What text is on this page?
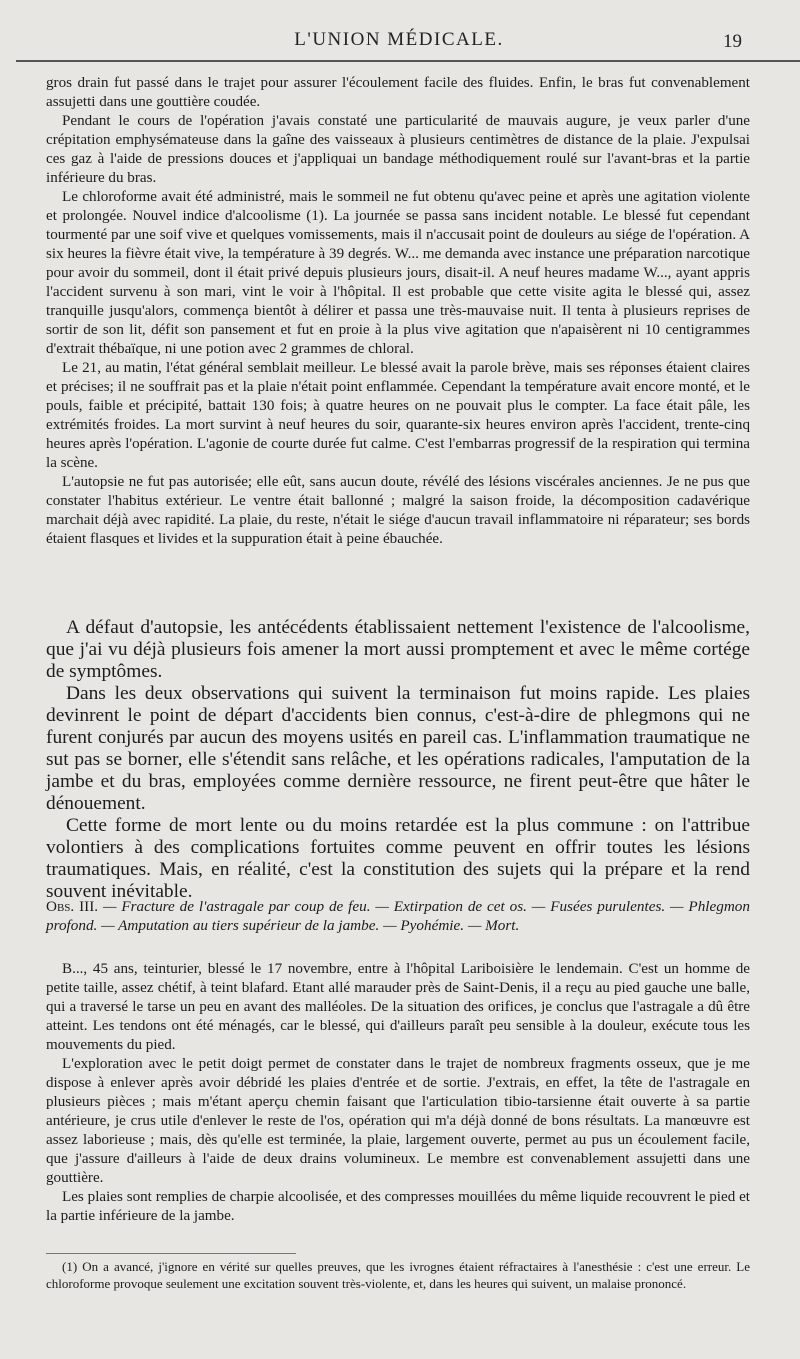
L'UNION MÉDICALE.	19

gros drain fut passé dans le trajet pour assurer l'écoulement facile des fluides. Enfin, le bras fut convenablement assujetti dans une gouttière coudée.

Pendant le cours de l'opération j'avais constaté une particularité de mauvais augure, je veux parler d'une crépitation emphysémateuse dans la gaîne des vaisseaux à plusieurs centimètres de distance de la plaie. J'expulsai ces gaz à l'aide de pressions douces et j'appliquai un bandage méthodiquement roulé sur l'avant-bras et la partie inférieure du bras.

Le chloroforme avait été administré, mais le sommeil ne fut obtenu qu'avec peine et après une agitation violente et prolongée. Nouvel indice d'alcoolisme (1). La journée se passa sans incident notable. Le blessé fut cependant tourmenté par une soif vive et quelques vomissements, mais il n'accusait point de douleurs au siége de l'opération. A six heures la fièvre était vive, la température à 39 degrés. W... me demanda avec instance une préparation narcotique pour avoir du sommeil, dont il était privé depuis plusieurs jours, disait-il. A neuf heures madame W..., ayant appris l'accident survenu à son mari, vint le voir à l'hôpital. Il est probable que cette visite agita le blessé qui, assez tranquille jusqu'alors, commença bientôt à délirer et passa une très-mauvaise nuit. Il tenta à plusieurs reprises de sortir de son lit, défit son pansement et fut en proie à la plus vive agitation que n'apaisèrent ni 10 centigrammes d'extrait thébaïque, ni une potion avec 2 grammes de chloral.

Le 21, au matin, l'état général semblait meilleur. Le blessé avait la parole brève, mais ses réponses étaient claires et précises; il ne souffrait pas et la plaie n'était point enflammée. Cependant la température avait encore monté, et le pouls, faible et précipité, battait 130 fois; à quatre heures on ne pouvait plus le compter. La face était pâle, les extrémités froides. La mort survint à neuf heures du soir, quarante-six heures environ après l'accident, trente-cinq heures après l'opération. L'agonie de courte durée fut calme. C'est l'embarras progressif de la respiration qui termina la scène.

L'autopsie ne fut pas autorisée; elle eût, sans aucun doute, révélé des lésions viscérales anciennes. Je ne pus que constater l'habitus extérieur. Le ventre était ballonné ; malgré la saison froide, la décomposition cadavérique marchait déjà avec rapidité. La plaie, du reste, n'était le siége d'aucun travail inflammatoire ni réparateur; ses bords étaient flasques et livides et la suppuration était à peine ébauchée.

A défaut d'autopsie, les antécédents établissaient nettement l'existence de l'alcoolisme, que j'ai vu déjà plusieurs fois amener la mort aussi promptement et avec le même cortége de symptômes.

Dans les deux observations qui suivent la terminaison fut moins rapide. Les plaies devinrent le point de départ d'accidents bien connus, c'est-à-dire de phlegmons qui ne furent conjurés par aucun des moyens usités en pareil cas. L'inflammation traumatique ne sut pas se borner, elle s'étendit sans relâche, et les opérations radicales, l'amputation de la jambe et du bras, employées comme dernière ressource, ne firent peut-être que hâter le dénouement.

Cette forme de mort lente ou du moins retardée est la plus commune : on l'attribue volontiers à des complications fortuites comme peuvent en offrir toutes les lésions traumatiques. Mais, en réalité, c'est la constitution des sujets qui la prépare et la rend souvent inévitable.

Obs. III. — Fracture de l'astragale par coup de feu. — Extirpation de cet os. — Fusées purulentes. — Phlegmon profond. — Amputation au tiers supérieur de la jambe. — Pyohémie. — Mort.

B..., 45 ans, teinturier, blessé le 17 novembre, entre à l'hôpital Lariboisière le lendemain. C'est un homme de petite taille, assez chétif, à teint blafard. Etant allé marauder près de Saint-Denis, il a reçu au pied gauche une balle, qui a traversé le tarse un peu en avant des malléoles. De la situation des orifices, je conclus que l'astragale a dû être atteint. Les tendons ont été ménagés, car le blessé, qui d'ailleurs paraît peu sensible à la douleur, exécute tous les mouvements du pied.

L'exploration avec le petit doigt permet de constater dans le trajet de nombreux fragments osseux, que je me dispose à enlever après avoir débridé les plaies d'entrée et de sortie. J'extrais, en effet, la tête de l'astragale en plusieurs pièces ; mais m'étant aperçu chemin faisant que l'articulation tibio-tarsienne était ouverte à sa partie antérieure, je crus utile d'enlever le reste de l'os, opération qui m'a déjà donné de bons résultats. La manœuvre est assez laborieuse ; mais, dès qu'elle est terminée, la plaie, largement ouverte, permet au pus un écoulement facile, que j'assure d'ailleurs à l'aide de deux drains volumineux. Le membre est convenablement assujetti dans une gouttière.

Les plaies sont remplies de charpie alcoolisée, et des compresses mouillées du même liquide recouvrent le pied et la partie inférieure de la jambe.

(1) On a avancé, j'ignore en vérité sur quelles preuves, que les ivrognes étaient réfractaires à l'anesthésie : c'est une erreur. Le chloroforme provoque seulement une excitation souvent très-violente, et, dans les heures qui suivent, un malaise prononcé.
